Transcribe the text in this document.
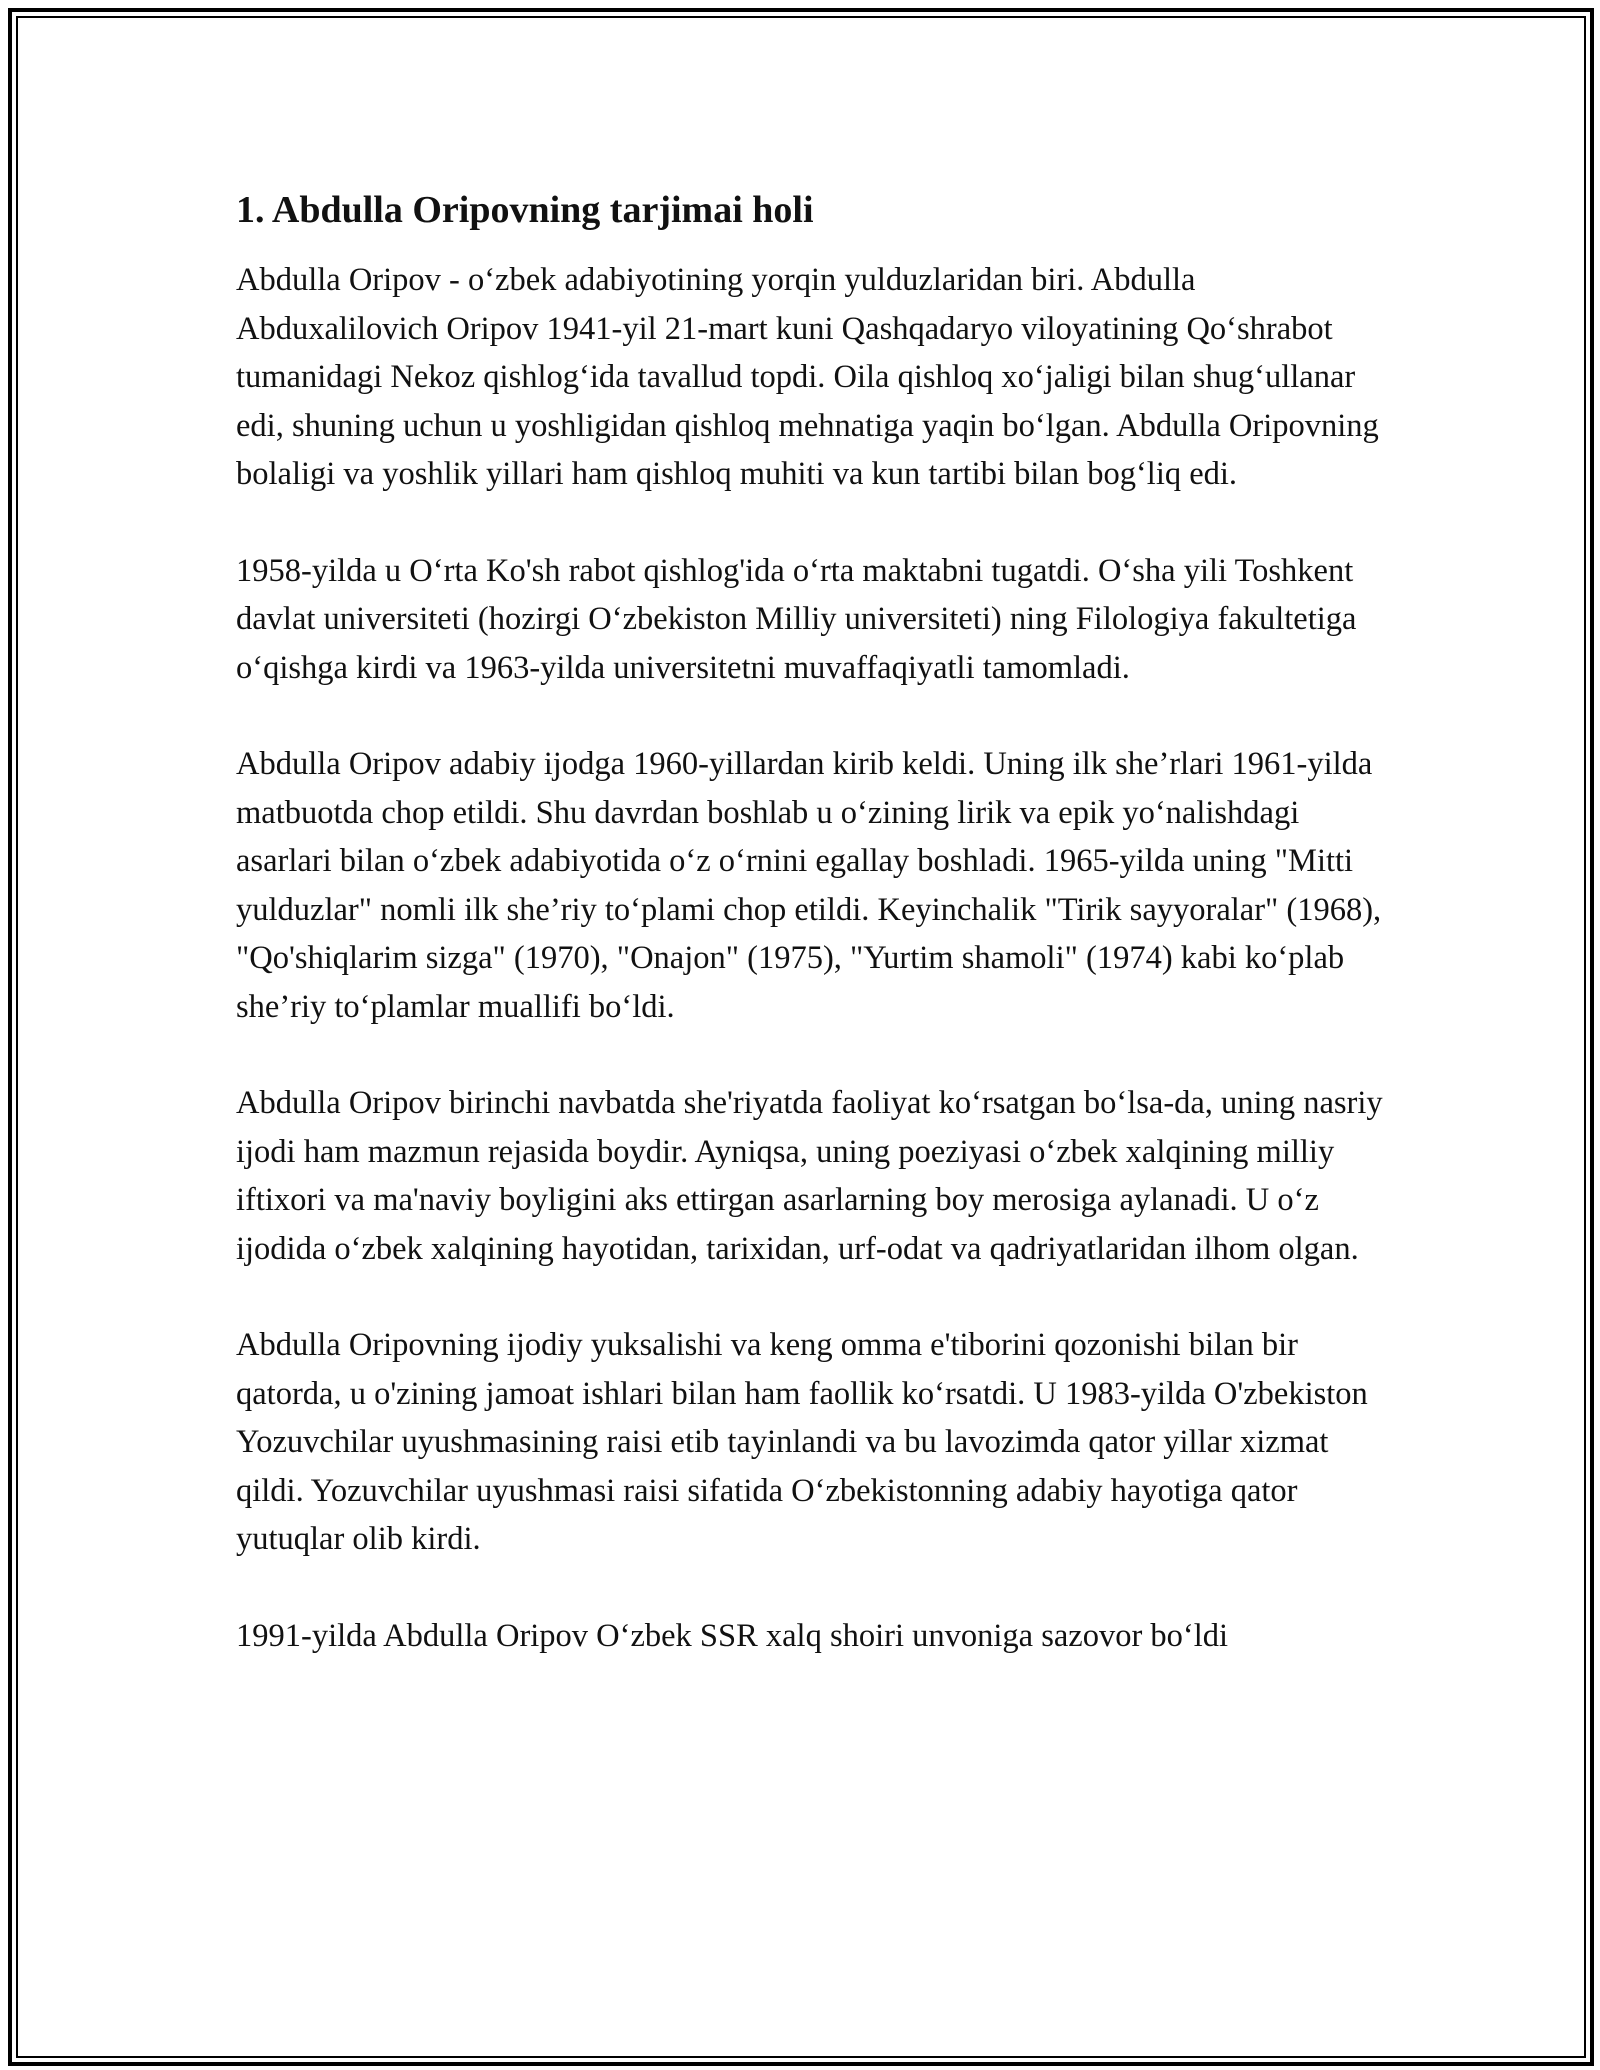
1. Abdulla Oripovning tarjimai holi

Abdulla Oripov - o‘zbek adabiyotining yorqin yulduzlaridan biri. Abdulla Abduxalilovich Oripov 1941-yil 21-mart kuni Qashqadaryo viloyatining Qo‘shrabot tumanidagi Nekoz qishlog‘ida tavallud topdi. Oila qishloq xo‘jaligi bilan shug‘ullanar edi, shuning uchun u yoshligidan qishloq mehnatiga yaqin bo‘lgan. Abdulla Oripovning bolaligi va yoshlik yillari ham qishloq muhiti va kun tartibi bilan bog‘liq edi.

1958-yilda u O‘rta Ko'sh rabot qishlog'ida o‘rta maktabni tugatdi. O‘sha yili Toshkent davlat universiteti (hozirgi O‘zbekiston Milliy universiteti) ning Filologiya fakultetiga o‘qishga kirdi va 1963-yilda universitetni muvaffaqiyatli tamomladi.

Abdulla Oripov adabiy ijodga 1960-yillardan kirib keldi. Uning ilk she’rlari 1961-yilda matbuotda chop etildi. Shu davrdan boshlab u o‘zining lirik va epik yo‘nalishdagi asarlari bilan o‘zbek adabiyotida o‘z o‘rnini egallay boshladi. 1965-yilda uning "Mitti yulduzlar" nomli ilk she’riy to‘plami chop etildi. Keyinchalik "Tirik sayyoralar" (1968), "Qo'shiqlarim sizga" (1970), "Onajon" (1975), "Yurtim shamoli" (1974) kabi ko‘plab she’riy to‘plamlar muallifi bo‘ldi.

Abdulla Oripov birinchi navbatda she'riyatda faoliyat ko‘rsatgan bo‘lsa-da, uning nasriy ijodi ham mazmun rejasida boydir. Ayniqsa, uning poeziyasi o‘zbek xalqining milliy iftixori va ma'naviy boyligini aks ettirgan asarlarning boy merosiga aylanadi. U o‘z ijodida o‘zbek xalqining hayotidan, tarixidan, urf-odat va qadriyatlaridan ilhom olgan.

Abdulla Oripovning ijodiy yuksalishi va keng omma e'tiborini qozonishi bilan bir qatorda, u o'zining jamoat ishlari bilan ham faollik ko‘rsatdi. U 1983-yilda O'zbekiston Yozuvchilar uyushmasining raisi etib tayinlandi va bu lavozimda qator yillar xizmat qildi. Yozuvchilar uyushmasi raisi sifatida O‘zbekistonning adabiy hayotiga qator yutuqlar olib kirdi.

1991-yilda Abdulla Oripov O‘zbek SSR xalq shoiri unvoniga sazovor bo‘ldi
